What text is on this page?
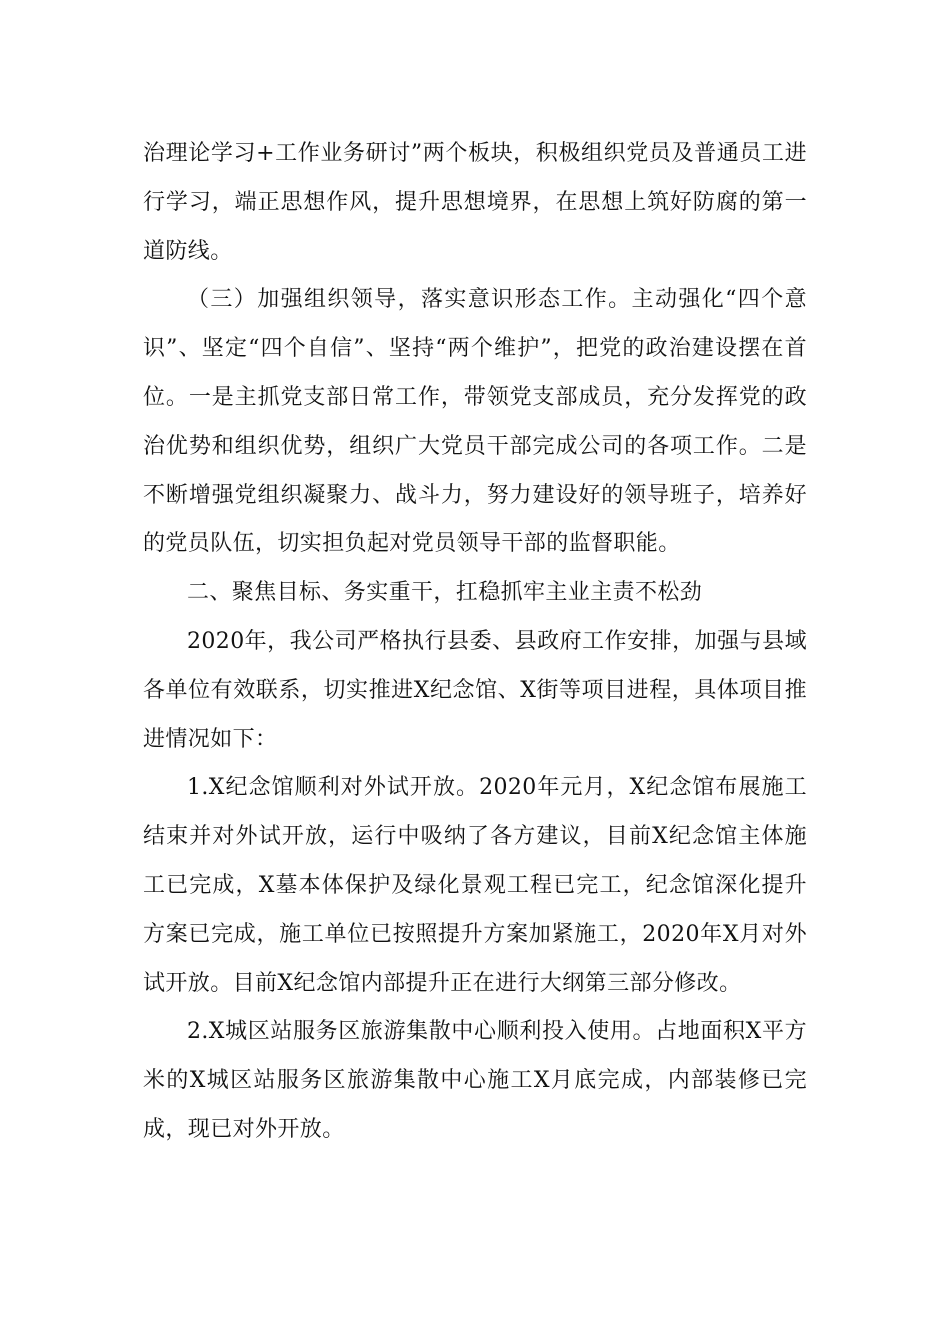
治理论学习+工作业务研讨”两个板块，积极组织党员及普通员工进行学习，端正思想作风，提升思想境界，在思想上筑好防腐的第一道防线。

（三）加强组织领导，落实意识形态工作。主动强化“四个意识”、坚定“四个自信”、坚持“两个维护”，把党的政治建设摆在首位。一是主抓党支部日常工作，带领党支部成员，充分发挥党的政治优势和组织优势，组织广大党员干部完成公司的各项工作。二是不断增强党组织凝聚力、战斗力，努力建设好的领导班子，培养好的党员队伍，切实担负起对党员领导干部的监督职能。

二、聚焦目标、务实重干，扛稳抓牢主业主责不松劲

2020年，我公司严格执行县委、县政府工作安排，加强与县域各单位有效联系，切实推进X纪念馆、X街等项目进程，具体项目推进情况如下：

1.X纪念馆顺利对外试开放。2020年元月，X纪念馆布展施工结束并对外试开放，运行中吸纳了各方建议，目前X纪念馆主体施工已完成，X墓本体保护及绿化景观工程已完工，纪念馆深化提升方案已完成，施工单位已按照提升方案加紧施工，2020年X月对外试开放。目前X纪念馆内部提升正在进行大纲第三部分修改。

2.X城区站服务区旅游集散中心顺利投入使用。占地面积X平方米的X城区站服务区旅游集散中心施工X月底完成，内部装修已完成，现已对外开放。
